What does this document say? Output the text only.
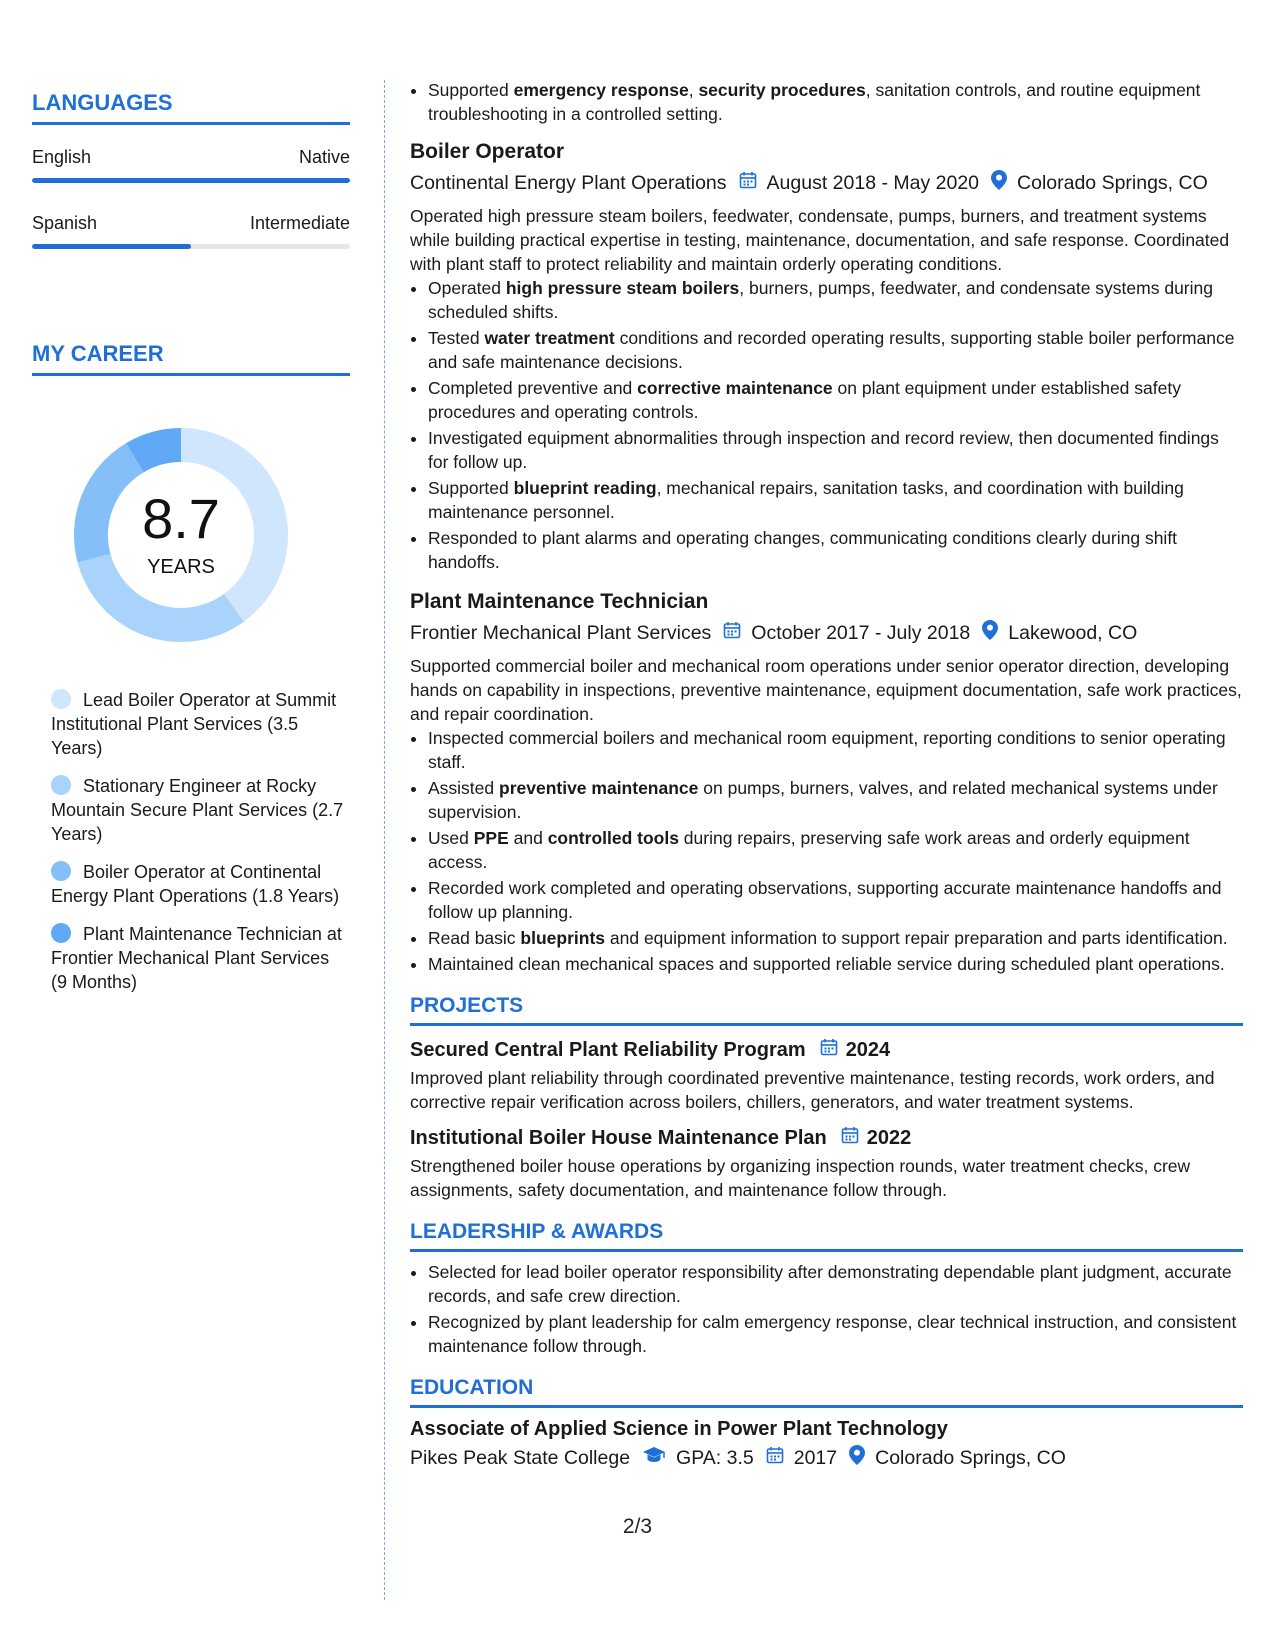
LANGUAGES
English	Native
Spanish	Intermediate
MY CAREER
8.7
YEARS
Lead Boiler Operator at Summit Institutional Plant Services (3.5 Years)
Stationary Engineer at Rocky Mountain Secure Plant Services (2.7 Years)
Boiler Operator at Continental Energy Plant Operations (1.8 Years)
Plant Maintenance Technician at Frontier Mechanical Plant Services (9 Months)
• Supported emergency response, security procedures, sanitation controls, and routine equipment troubleshooting in a controlled setting.
Boiler Operator
Continental Energy Plant Operations August 2018 - May 2020 Colorado Springs, CO
Operated high pressure steam boilers, feedwater, condensate, pumps, burners, and treatment systems while building practical expertise in testing, maintenance, documentation, and safe response. Coordinated with plant staff to protect reliability and maintain orderly operating conditions.
• Operated high pressure steam boilers, burners, pumps, feedwater, and condensate systems during scheduled shifts.
• Tested water treatment conditions and recorded operating results, supporting stable boiler performance and safe maintenance decisions.
• Completed preventive and corrective maintenance on plant equipment under established safety procedures and operating controls.
• Investigated equipment abnormalities through inspection and record review, then documented findings for follow up.
• Supported blueprint reading, mechanical repairs, sanitation tasks, and coordination with building maintenance personnel.
• Responded to plant alarms and operating changes, communicating conditions clearly during shift handoffs.
Plant Maintenance Technician
Frontier Mechanical Plant Services October 2017 - July 2018 Lakewood, CO
Supported commercial boiler and mechanical room operations under senior operator direction, developing hands on capability in inspections, preventive maintenance, equipment documentation, safe work practices, and repair coordination.
• Inspected commercial boilers and mechanical room equipment, reporting conditions to senior operating staff.
• Assisted preventive maintenance on pumps, burners, valves, and related mechanical systems under supervision.
• Used PPE and controlled tools during repairs, preserving safe work areas and orderly equipment access.
• Recorded work completed and operating observations, supporting accurate maintenance handoffs and follow up planning.
• Read basic blueprints and equipment information to support repair preparation and parts identification.
• Maintained clean mechanical spaces and supported reliable service during scheduled plant operations.
PROJECTS
Secured Central Plant Reliability Program 2024
Improved plant reliability through coordinated preventive maintenance, testing records, work orders, and corrective repair verification across boilers, chillers, generators, and water treatment systems.
Institutional Boiler House Maintenance Plan 2022
Strengthened boiler house operations by organizing inspection rounds, water treatment checks, crew assignments, safety documentation, and maintenance follow through.
LEADERSHIP & AWARDS
• Selected for lead boiler operator responsibility after demonstrating dependable plant judgment, accurate records, and safe crew direction.
• Recognized by plant leadership for calm emergency response, clear technical instruction, and consistent maintenance follow through.
EDUCATION
Associate of Applied Science in Power Plant Technology
Pikes Peak State College GPA: 3.5 2017 Colorado Springs, CO
2/3
